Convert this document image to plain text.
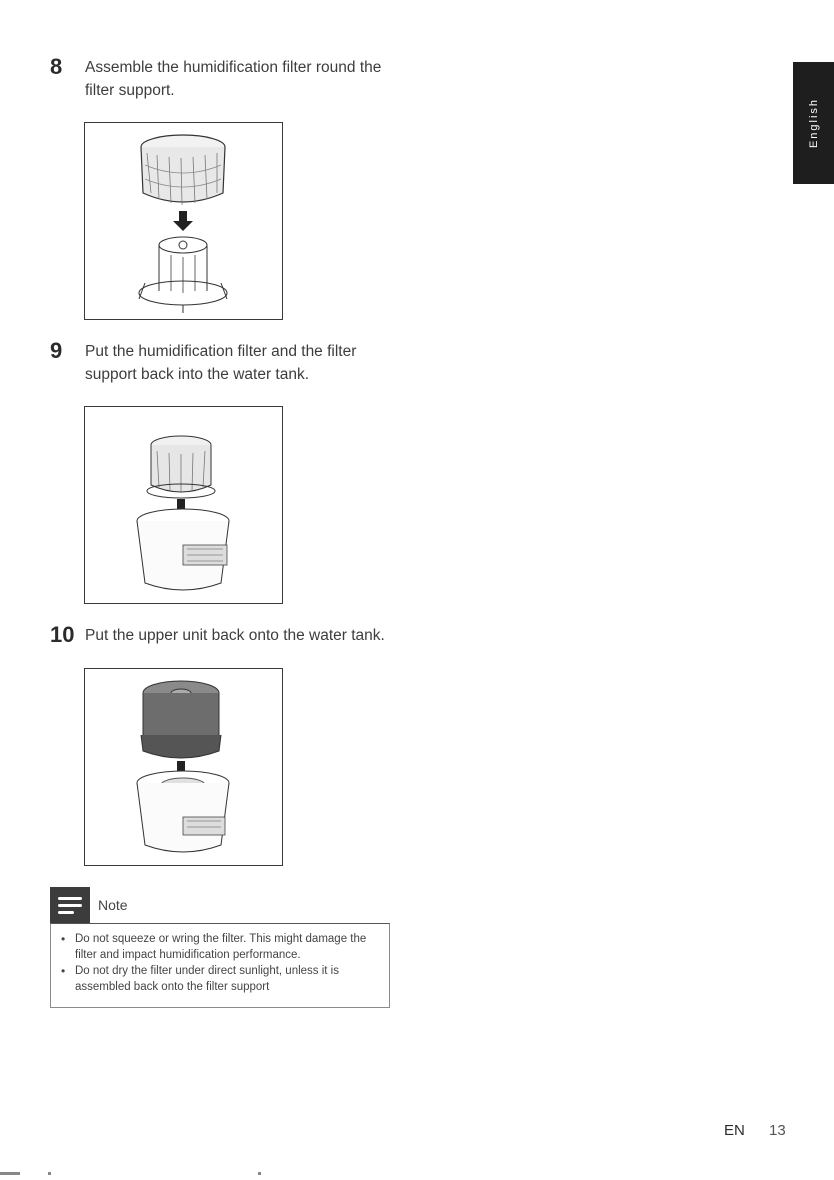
English
8 Assemble the humidification filter round the filter support.
9 Put the humidification filter and the filter support back into the water tank.
10 Put the upper unit back onto the water tank.
Note
• Do not squeeze or wring the filter. This might damage the filter and impact humidification performance.
• Do not dry the filter under direct sunlight, unless it is assembled back onto the filter support
EN 13
